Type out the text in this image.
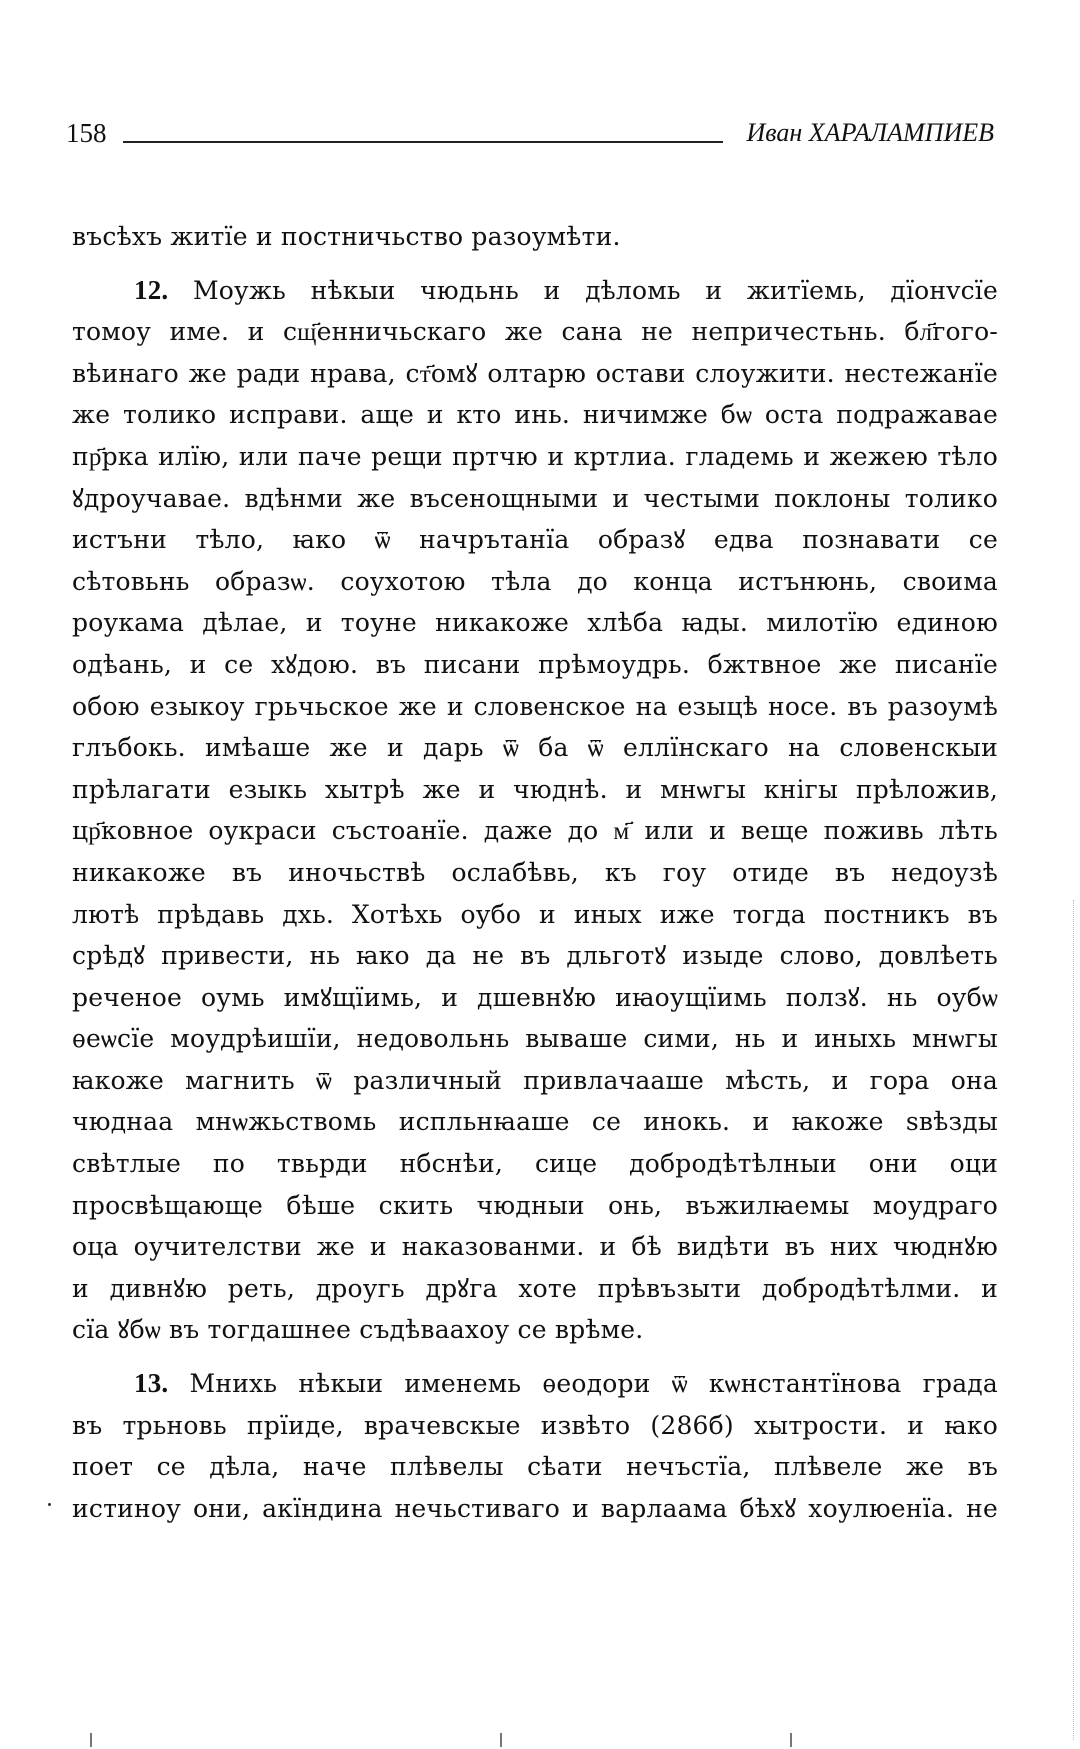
158	Иван ХАРАЛАМПИЕВ
въсѣхъ житїе и постничьство разоумѣти.
12. Моужь нѣкыи чюдьнь и дѣломь и житїемь, дїонvсїе
томоу име. и сщ҃енничьскаго же сана не непричестьнь. бл҃гого-
вѣинаго же ради нрава, ст҃омꙋ олтарю остави слоужити. нестежанїе
же толико исправи. аще и кто инь. ничимже бѡ оста подражавае
пр҃рка илїю, или паче рещи пртчю и кртлиа. гладемь и жежею тѣло
ꙋдроучавае. вдѣнми же въсенощными и честыми поклоны толико
истъни тѣло, ꙗко ѿ начрътанїа образꙋ едва познавати се
сѣтовьнь образѡ. соухотою тѣла до конца истънюнь, своима
роукама дѣлае, и тоуне никакоже хлѣба ꙗды. милотїю единою
одѣань, и се хꙋдою. въ писани прѣмоудрь. бжтвное же писанїе
обою езыкоу грьчьское же и словенское на езыцѣ носе. въ разоумѣ
глъбокь. имѣаше же и дарь ѿ ба ѿ еллїнскаго на словенскыи
прѣлагати езыкь хытрѣ же и чюднѣ. и мнѡгы кнігы прѣложив,
цр҃ковное оукраси състоанїе. даже до м҃ или и веще поживь лѣть
никакоже въ иночьствѣ ослабѣвь, къ гоу отиде въ недоузѣ
лютѣ прѣдавь дхь. Хотѣхь оубо и иных иже тогда постникъ въ
срѣдꙋ привести, нь ꙗко да не въ дльготꙋ изыде слово, довлѣеть
реченое оумь имꙋщїимь, и дшевнꙋю иꙗоущїимь ползꙋ. нь оубѡ
ѳеѡсїе моудрѣишїи, недовольнь вываше сими, нь и иныхь мнѡгы
ꙗкоже магнить ѿ различный привлачааше мѣсть, и гора она
чюднаа мнѡжьствомь испльнꙗаше се инокь. и ꙗкоже ѕвѣзды
свѣтлые по твьрди нбснѣи, сице добродѣтѣлныи они оци
просвѣщающе бѣше скить чюдныи онь, въжилꙗемы моудраго
оца оучителстви же и наказованми. и бѣ видѣти въ них чюднꙋю
и дивнꙋю реть, дроугь дрꙋга хоте прѣвъзыти добродѣтѣлми. и
сїа ꙋбѡ въ тогдашнее съдѣваахоу се врѣме.
13. Мнихь нѣкыи именемь ѳеодори ѿ кѡнстантїнова града
въ трьновь прїиде, врачевскые извѣто (286б) хытрости. и ꙗко
поет се дѣла, наче плѣвелы сѣати нечъстїа, плѣвеле же въ
истиноу они, акїндина нечьстиваго и варлаама бѣхꙋ хоулюенїа. не
